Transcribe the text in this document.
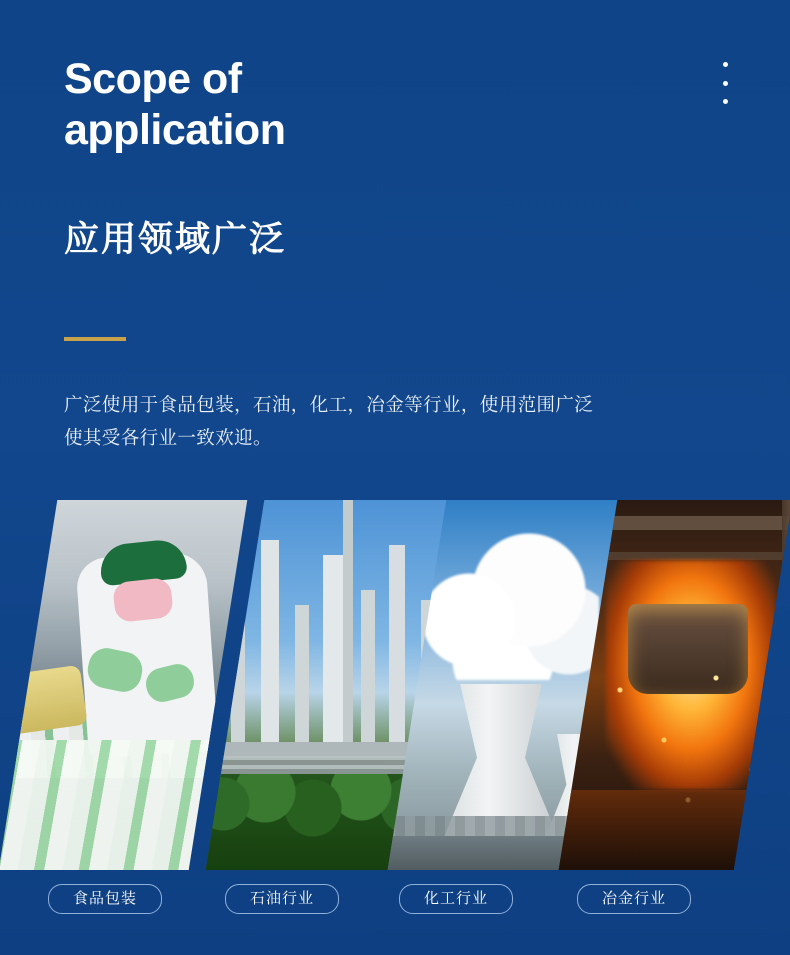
Scope of
application
应用领域广泛
广泛使用于食品包装，石油，化工，冶金等行业，使用范围广泛
使其受各行业一致欢迎。
食品包装	石油行业	化工行业	冶金行业
